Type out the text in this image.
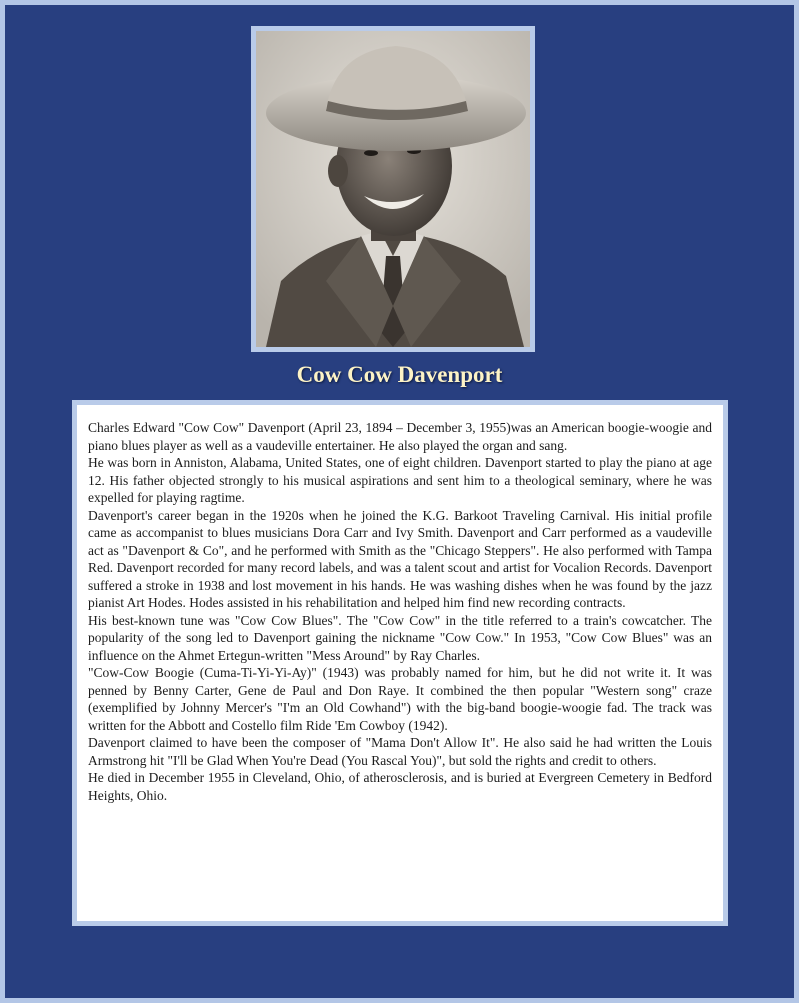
Cow Cow Davenport

Charles Edward "Cow Cow" Davenport (April 23, 1894 – December 3, 1955)was an American boogie-woogie and piano blues player as well as a vaudeville entertainer. He also played the organ and sang.

He was born in Anniston, Alabama, United States, one of eight children. Davenport started to play the piano at age 12. His father objected strongly to his musical aspirations and sent him to a theological seminary, where he was expelled for playing ragtime.

Davenport's career began in the 1920s when he joined the K.G. Barkoot Traveling Carnival. His initial profile came as accompanist to blues musicians Dora Carr and Ivy Smith. Davenport and Carr performed as a vaudeville act as "Davenport & Co", and he performed with Smith as the "Chicago Steppers". He also performed with Tampa Red. Davenport recorded for many record labels, and was a talent scout and artist for Vocalion Records. Davenport suffered a stroke in 1938 and lost movement in his hands. He was washing dishes when he was found by the jazz pianist Art Hodes. Hodes assisted in his rehabilitation and helped him find new recording contracts.

His best-known tune was "Cow Cow Blues". The "Cow Cow" in the title referred to a train's cowcatcher. The popularity of the song led to Davenport gaining the nickname "Cow Cow." In 1953, "Cow Cow Blues" was an influence on the Ahmet Ertegun-written "Mess Around" by Ray Charles.

"Cow-Cow Boogie (Cuma-Ti-Yi-Yi-Ay)" (1943) was probably named for him, but he did not write it. It was penned by Benny Carter, Gene de Paul and Don Raye. It combined the then popular "Western song" craze (exemplified by Johnny Mercer's "I'm an Old Cowhand") with the big-band boogie-woogie fad. The track was written for the Abbott and Costello film Ride 'Em Cowboy (1942).

Davenport claimed to have been the composer of "Mama Don't Allow It". He also said he had written the Louis Armstrong hit "I'll be Glad When You're Dead (You Rascal You)", but sold the rights and credit to others.

He died in December 1955 in Cleveland, Ohio, of atherosclerosis, and is buried at Evergreen Cemetery in Bedford Heights, Ohio.
